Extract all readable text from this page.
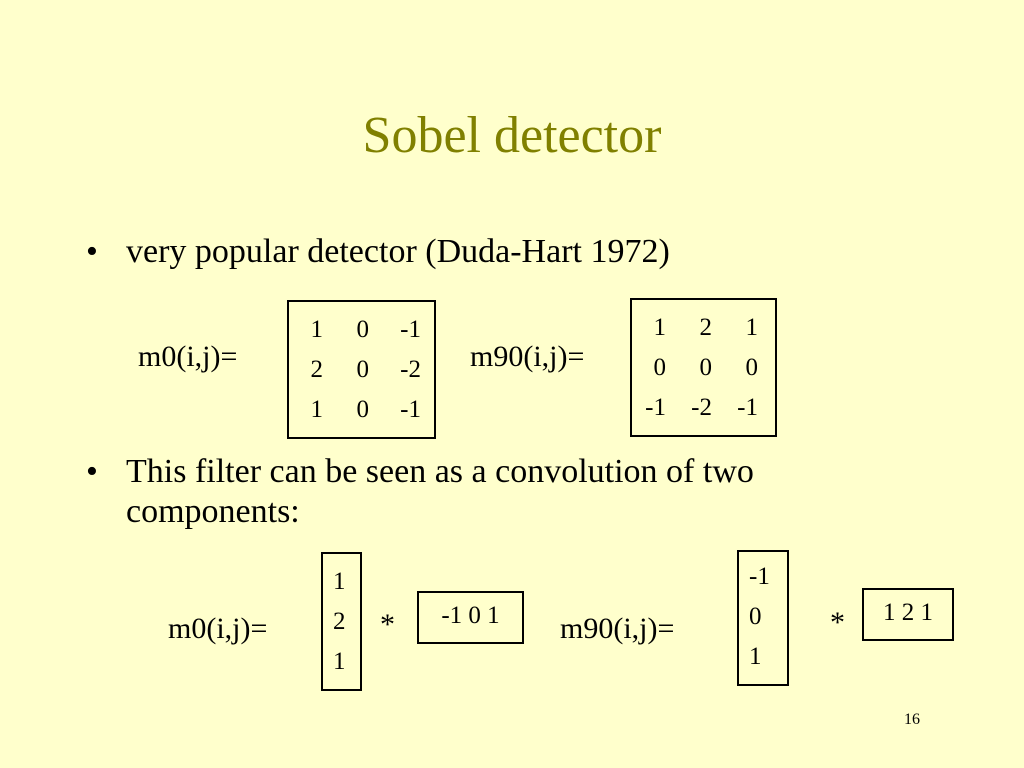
Sobel detector
• very popular detector (Duda-Hart 1972)
m0(i,j)=
1	0	-1
2	0	-2
1	0	-1
m90(i,j)=
1	2	1
0	0	0
-1	-2	-1
• This filter can be seen as a convolution of two components:
m0(i,j)=
1
2
1
*	-1 0 1	m90(i,j)=
-1
0
1
*	1 2 1
16
